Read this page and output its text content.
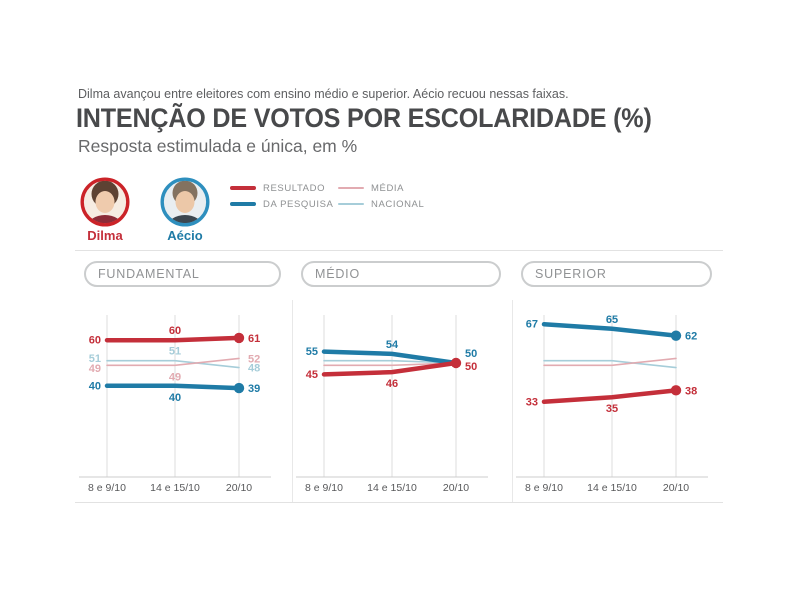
Dilma avançou entre eleitores com ensino médio e superior. Aécio recuou nessas faixas.
INTENÇÃO DE VOTOS POR ESCOLARIDADE (%)
Resposta estimulada e única, em %
Dilma	Aécio
RESULTADO
DA PESQUISA
MÉDIA
NACIONAL
FUNDAMENTAL
51
51
48
49
49
52
60
60
61
40
40
39
8 e 9/10 14 e 15/10 20/10
MÉDIO
55
54
50
45
46
50
8 e 9/10 14 e 15/10 20/10
SUPERIOR
67	65
62
33
35
38
8 e 9/10 14 e 15/10 20/10
